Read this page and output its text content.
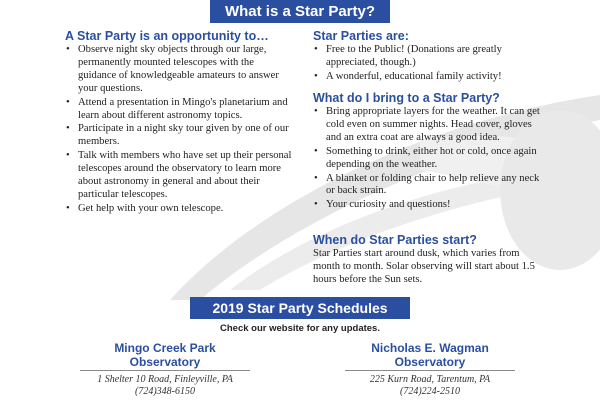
What is a Star Party?
A Star Party is an opportunity to…
• Observe night sky objects through our large, permanently mounted telescopes with the guidance of knowledgeable amateurs to answer your questions.
• Attend a presentation in Mingo's planetarium and learn about different astronomy topics.
• Participate in a night sky tour given by one of our members.
• Talk with members who have set up their personal telescopes around the observatory to learn more about astronomy in general and about their particular telescopes.
• Get help with your own telescope.
Star Parties are:
• Free to the Public! (Donations are greatly appreciated, though.)
• A wonderful, educational family activity!
What do I bring to a Star Party?
• Bring appropriate layers for the weather. It can get cold even on summer nights. Head cover, gloves and an extra coat are always a good idea.
• Something to drink, either hot or cold, once again depending on the weather.
• A blanket or folding chair to help relieve any neck or back strain.
• Your curiosity and questions!
When do Star Parties start?
Star Parties start around dusk, which varies from month to month. Solar observing will start about 1.5 hours before the Sun sets.
2019 Star Party Schedules
Check our website for any updates.
Mingo Creek Park
Observatory
1 Shelter 10 Road, Finleyville, PA
(724)348-6150
Nicholas E. Wagman
Observatory
225 Kurn Road, Tarentum, PA
(724)224-2510
